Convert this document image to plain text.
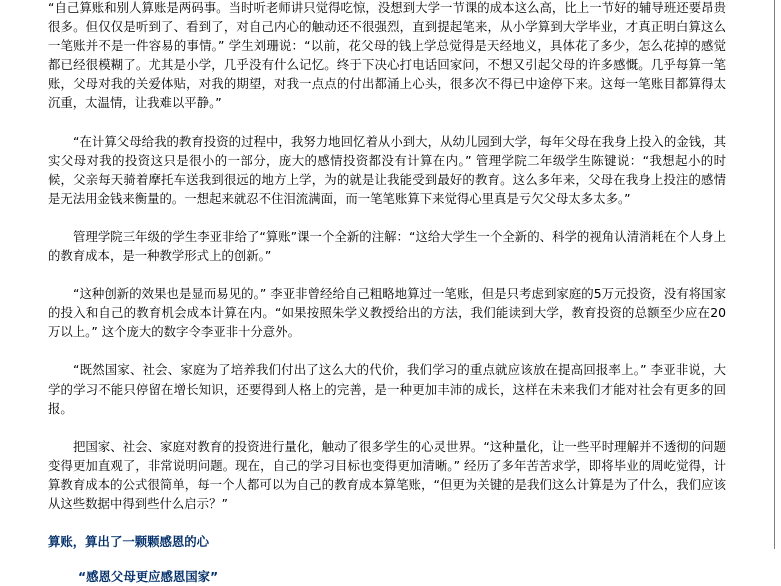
“自己算账和别人算账是两码事。当时听老师讲只觉得吃惊，没想到大学一节课的成本这么高，比上一节好的辅导班还要昂贵很多。但仅仅是听到了、看到了，对自己内心的触动还不很强烈，直到提起笔来，从小学算到大学毕业，才真正明白算这么一笔账并不是一件容易的事情。” 学生刘珊说：“以前，花父母的钱上学总觉得是天经地义，具体花了多少，怎么花掉的感觉都已经很模糊了。尤其是小学，几乎没有什么记忆。终于下决心打电话回家问，不想又引起父母的许多感慨。几乎每算一笔账，父母对我的关爱体贴，对我的期望，对我一点点的付出都涌上心头，很多次不得已中途停下来。这每一笔账目都算得太沉重，太温情，让我难以平静。”

“在计算父母给我的教育投资的过程中，我努力地回忆着从小到大，从幼儿园到大学，每年父母在我身上投入的金钱，其实父母对我的投资这只是很小的一部分，庞大的感情投资都没有计算在内。” 管理学院二年级学生陈键说：“我想起小的时候，父亲每天骑着摩托车送我到很远的地方上学，为的就是让我能受到最好的教育。这么多年来，父母在我身上投注的感情是无法用金钱来衡量的。一想起来就忍不住泪流满面，而一笔笔账算下来觉得心里真是亏欠父母太多太多。”

管理学院三年级的学生李亚非给了“算账”课一个全新的注解：“这给大学生一个全新的、科学的视角认清消耗在个人身上的教育成本，是一种教学形式上的创新。”

“这种创新的效果也是显而易见的。” 李亚非曾经给自己粗略地算过一笔账，但是只考虑到家庭的5万元投资，没有将国家的投入和自己的教育机会成本计算在内。“如果按照朱学义教授给出的方法，我们能读到大学，教育投资的总额至少应在20万以上。” 这个庞大的数字令李亚非十分意外。

“既然国家、社会、家庭为了培养我们付出了这么大的代价，我们学习的重点就应该放在提高回报率上。” 李亚非说，大学的学习不能只停留在增长知识，还要得到人格上的完善，是一种更加丰沛的成长，这样在未来我们才能对社会有更多的回报。

把国家、社会、家庭对教育的投资进行量化，触动了很多学生的心灵世界。“这种量化，让一些平时理解并不透彻的问题变得更加直观了，非常说明问题。现在，自己的学习目标也变得更加清晰。” 经历了多年苦苦求学，即将毕业的周屹觉得，计算教育成本的公式很简单，每一个人都可以为自己的教育成本算笔账，“但更为关键的是我们这么计算是为了什么，我们应该从这些数据中得到些什么启示？”

算账，算出了一颗颗感恩的心

“感恩父母更应感恩国家”
